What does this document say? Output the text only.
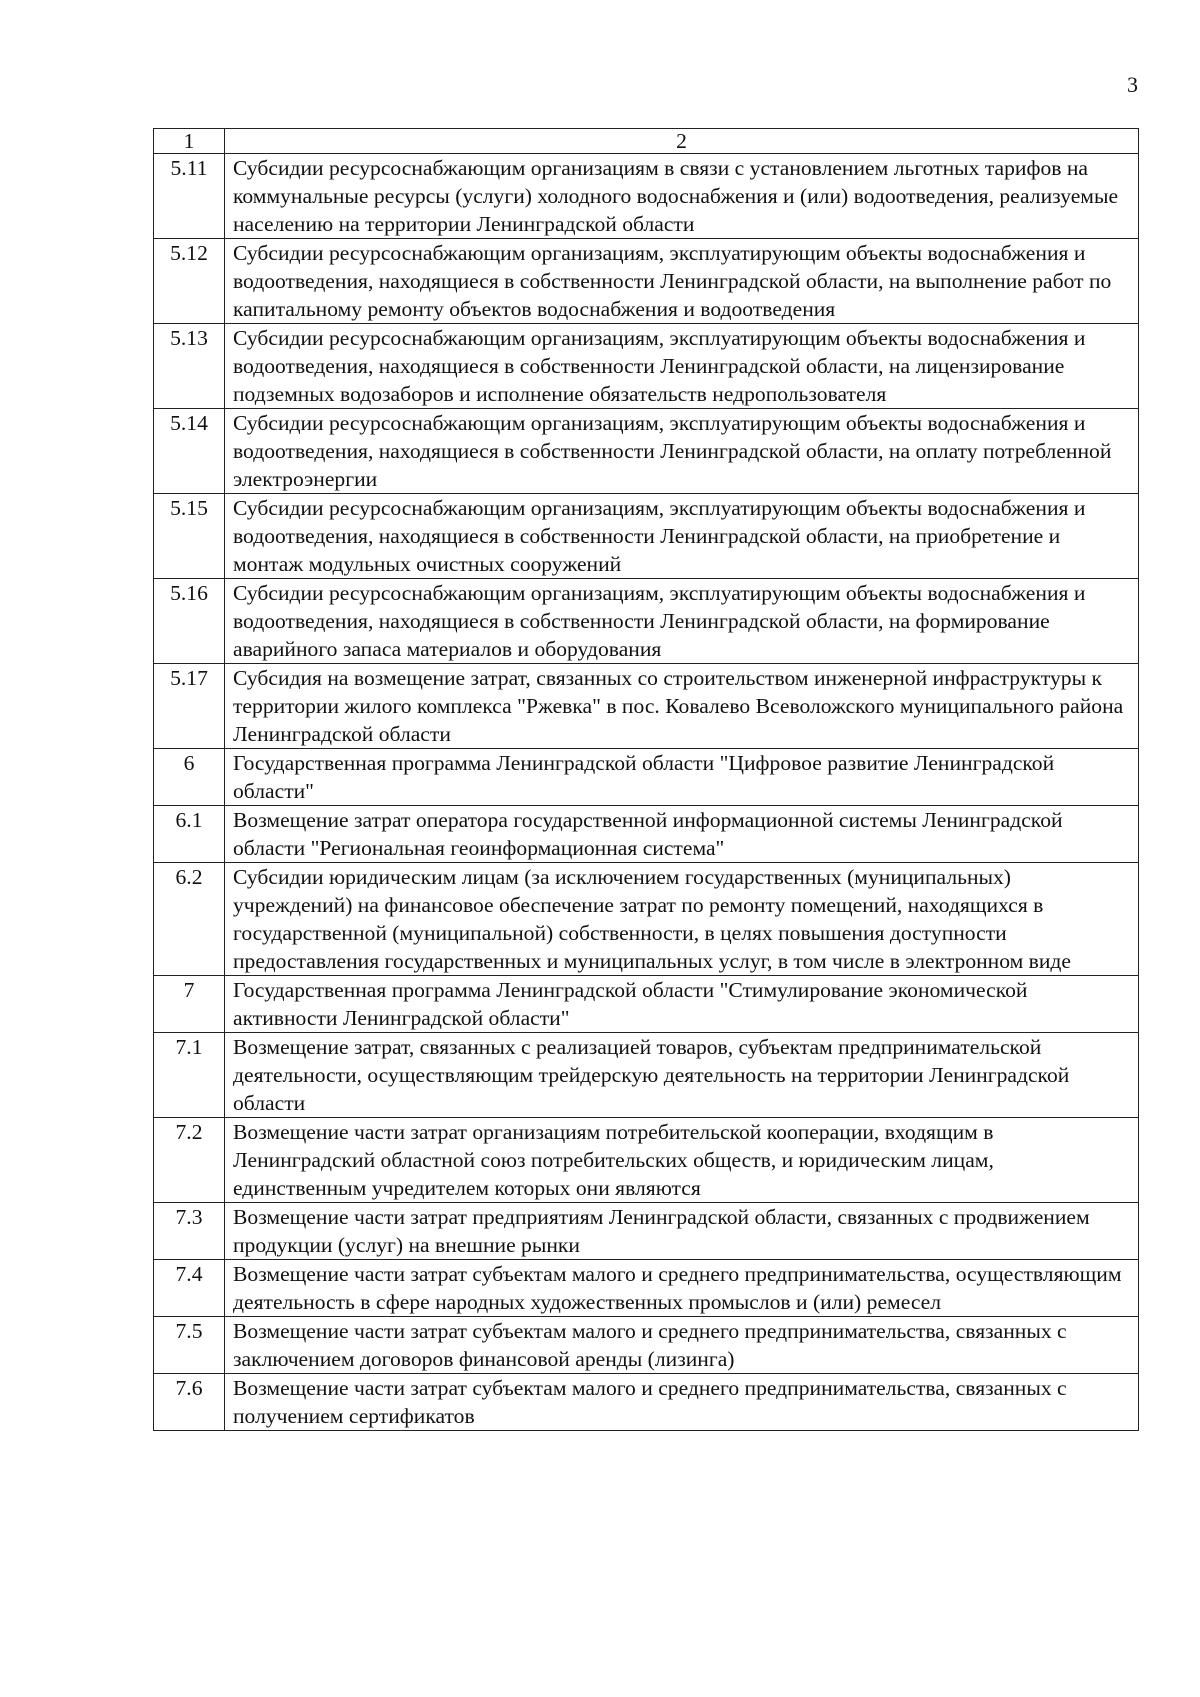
3
1	2
5.11	Субсидии ресурсоснабжающим организациям в связи с установлением льготных тарифов на коммунальные ресурсы (услуги) холодного водоснабжения и (или) водоотведения, реализуемые населению на территории Ленинградской области
5.12	Субсидии ресурсоснабжающим организациям, эксплуатирующим объекты водоснабжения и водоотведения, находящиеся в собственности Ленинградской области, на выполнение работ по капитальному ремонту объектов водоснабжения и водоотведения
5.13	Субсидии ресурсоснабжающим организациям, эксплуатирующим объекты водоснабжения и водоотведения, находящиеся в собственности Ленинградской области, на лицензирование подземных водозаборов и исполнение обязательств недропользователя
5.14	Субсидии ресурсоснабжающим организациям, эксплуатирующим объекты водоснабжения и водоотведения, находящиеся в собственности Ленинградской области, на оплату потребленной электроэнергии
5.15	Субсидии ресурсоснабжающим организациям, эксплуатирующим объекты водоснабжения и водоотведения, находящиеся в собственности Ленинградской области, на приобретение и монтаж модульных очистных сооружений
5.16	Субсидии ресурсоснабжающим организациям, эксплуатирующим объекты водоснабжения и водоотведения, находящиеся в собственности Ленинградской области, на формирование аварийного запаса материалов и оборудования
5.17	Субсидия на возмещение затрат, связанных со строительством инженерной инфраструктуры к территории жилого комплекса "Ржевка" в пос. Ковалево Всеволожского муниципального района Ленинградской области
6	Государственная программа Ленинградской области "Цифровое развитие Ленинградской области"
6.1	Возмещение затрат оператора государственной информационной системы Ленинградской области "Региональная геоинформационная система"
6.2	Субсидии юридическим лицам (за исключением государственных (муниципальных) учреждений) на финансовое обеспечение затрат по ремонту помещений, находящихся в государственной (муниципальной) собственности, в целях повышения доступности предоставления государственных и муниципальных услуг, в том числе в электронном виде
7	Государственная программа Ленинградской области "Стимулирование экономической активности Ленинградской области"
7.1	Возмещение затрат, связанных с реализацией товаров, субъектам предпринимательской деятельности, осуществляющим трейдерскую деятельность на территории Ленинградской области
7.2	Возмещение части затрат организациям потребительской кооперации, входящим в Ленинградский областной союз потребительских обществ, и юридическим лицам, единственным учредителем которых они являются
7.3	Возмещение части затрат предприятиям Ленинградской области, связанных с продвижением продукции (услуг) на внешние рынки
7.4	Возмещение части затрат субъектам малого и среднего предпринимательства, осуществляющим деятельность в сфере народных художественных промыслов и (или) ремесел
7.5	Возмещение части затрат субъектам малого и среднего предпринимательства, связанных с заключением договоров финансовой аренды (лизинга)
7.6	Возмещение части затрат субъектам малого и среднего предпринимательства, связанных с получением сертификатов
